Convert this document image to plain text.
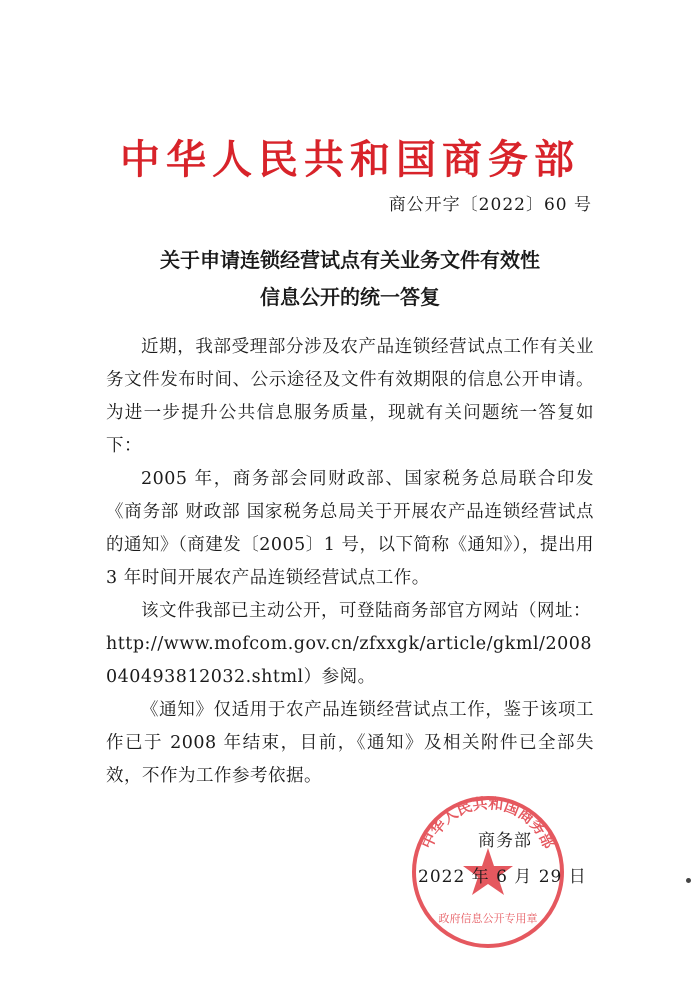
中华人民共和国商务部
商公开字〔2022〕60 号
关于申请连锁经营试点有关业务文件有效性
信息公开的统一答复

近期，我部受理部分涉及农产品连锁经营试点工作有关业务文件发布时间、公示途径及文件有效期限的信息公开申请。为进一步提升公共信息服务质量，现就有关问题统一答复如下：

2005 年，商务部会同财政部、国家税务总局联合印发《商务部 财政部 国家税务总局关于开展农产品连锁经营试点的通知》（商建发〔2005〕1 号，以下简称《通知》），提出用 3 年时间开展农产品连锁经营试点工作。

该文件我部已主动公开，可登陆商务部官方网站（网址：

http://www.mofcom.gov.cn/zfxxgk/article/gkml/2008040493812032.shtml）参阅。

《通知》仅适用于农产品连锁经营试点工作，鉴于该项工作已于 2008 年结束，目前，《通知》及相关附件已全部失效，不作为工作参考依据。

中华人民共和国商务部
政府信息公开专用章
商务部
2022 年 6 月 29 日
